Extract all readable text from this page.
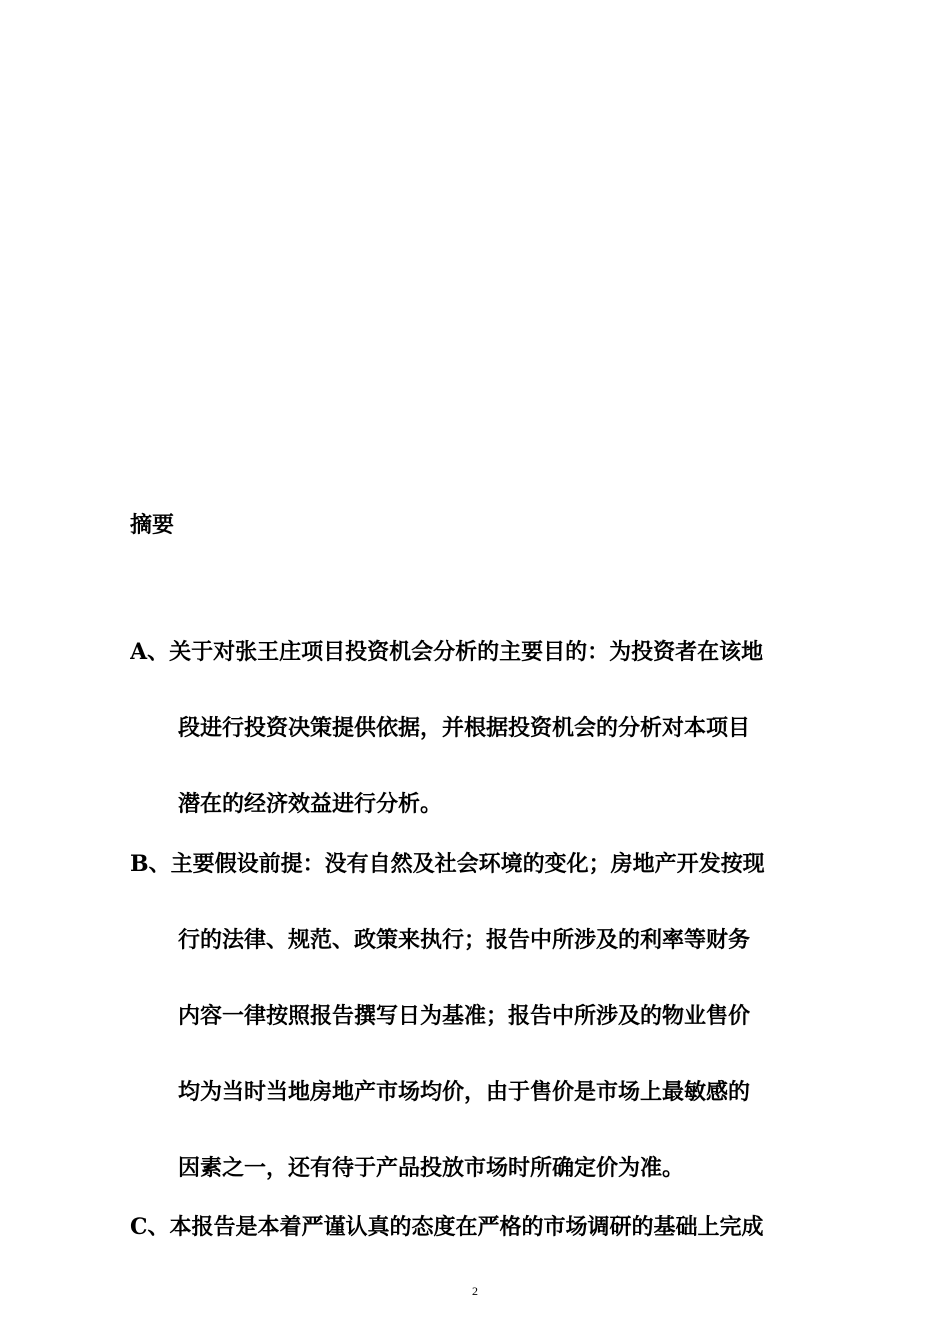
摘要
A、关于对张王庄项目投资机会分析的主要目的：为投资者在该地
段进行投资决策提供依据，并根据投资机会的分析对本项目
潜在的经济效益进行分析。
B、主要假设前提：没有自然及社会环境的变化；房地产开发按现
行的法律、规范、政策来执行；报告中所涉及的利率等财务
内容一律按照报告撰写日为基准；报告中所涉及的物业售价
均为当时当地房地产市场均价，由于售价是市场上最敏感的
因素之一，还有待于产品投放市场时所确定价为准。
C、本报告是本着严谨认真的态度在严格的市场调研的基础上完成
2
